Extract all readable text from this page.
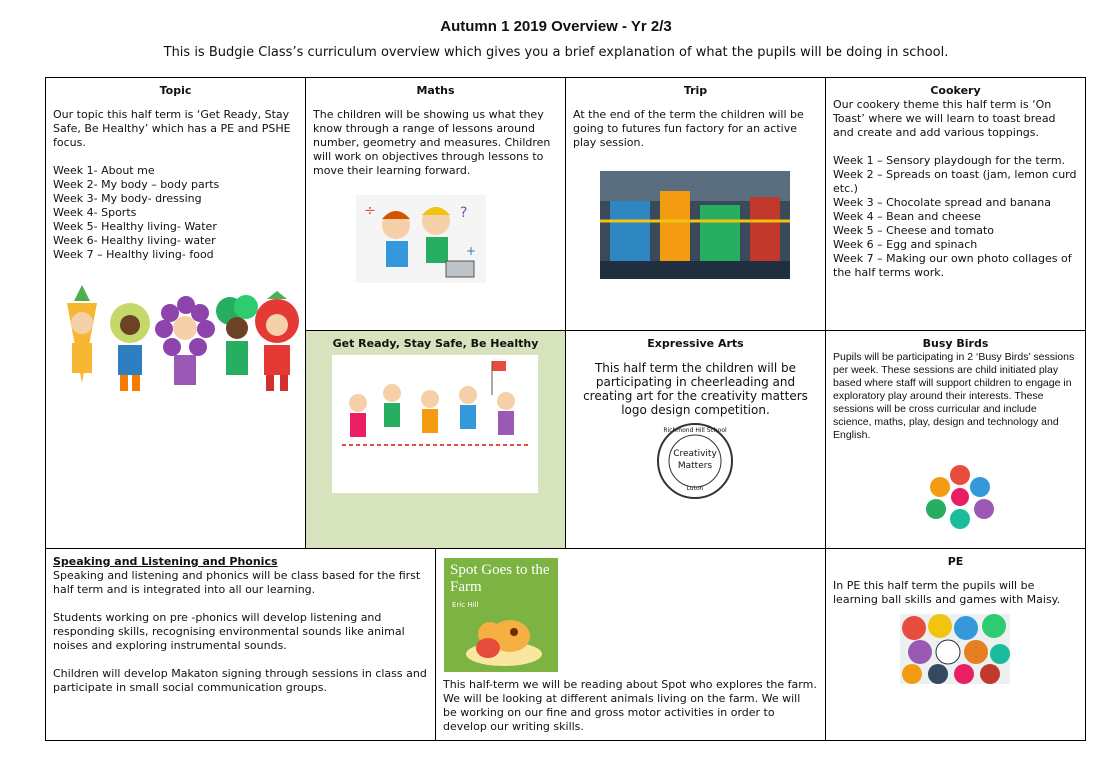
Autumn 1 2019 Overview - Yr 2/3
This is Budgie Class’s curriculum overview which gives you a brief explanation of what the pupils will be doing in school.
Topic
Our topic this half term is ‘Get Ready, Stay Safe, Be Healthy’ which has a PE and PSHE focus.
Week 1- About me
Week 2- My body – body parts
Week 3- My body- dressing
Week 4- Sports
Week 5- Healthy living- Water
Week 6- Healthy living- water
Week 7 – Healthy living- food
Maths
The children will be showing us what they know through a range of lessons around number, geometry and measures. Children will work on objectives through lessons to move their learning forward.
÷	?
+
Trip
At the end of the term the children will be going to futures fun factory for an active play session.
Cookery
Our cookery theme this half term is ‘On Toast’ where we will learn to toast bread and create and add various toppings.

Week 1 – Sensory playdough for the term.
Week 2 – Spreads on toast (jam, lemon curd etc.)
Week 3 – Chocolate spread and banana
Week 4 – Bean and cheese
Week 5 – Cheese and tomato
Week 6 – Egg and spinach
Week 7 – Making our own photo collages of the half terms work.
Get Ready, Stay Safe, Be Healthy	Expressive Arts
This half term the children will be participating in cheerleading and creating art for the creativity matters logo design competition.
Richmond Hill School
Creativity
Matters
Luton
Busy Birds
Pupils will be participating in 2 ‘Busy Birds’ sessions per week. These sessions are child initiated play based where staff will support children to engage in exploratory play around their interests. These sessions will be cross curricular and include science, maths, play, design and technology and English.
Speaking and Listening and Phonics
Speaking and listening and phonics will be class based for the first half term and is integrated into all our learning.

Students working on pre -phonics will develop listening and responding skills, recognising environmental sounds like animal noises and exploring instrumental sounds.

Children will develop Makaton signing through sessions in class and participate in small social communication groups.
Spot Goes to the Farm
Eric Hill
This half-term we will be reading about Spot who explores the farm. We will be looking at different animals living on the farm. We will be working on our fine and gross motor activities in order to develop our writing skills.
PE
In PE this half term the pupils will be learning ball skills and games with Maisy.
